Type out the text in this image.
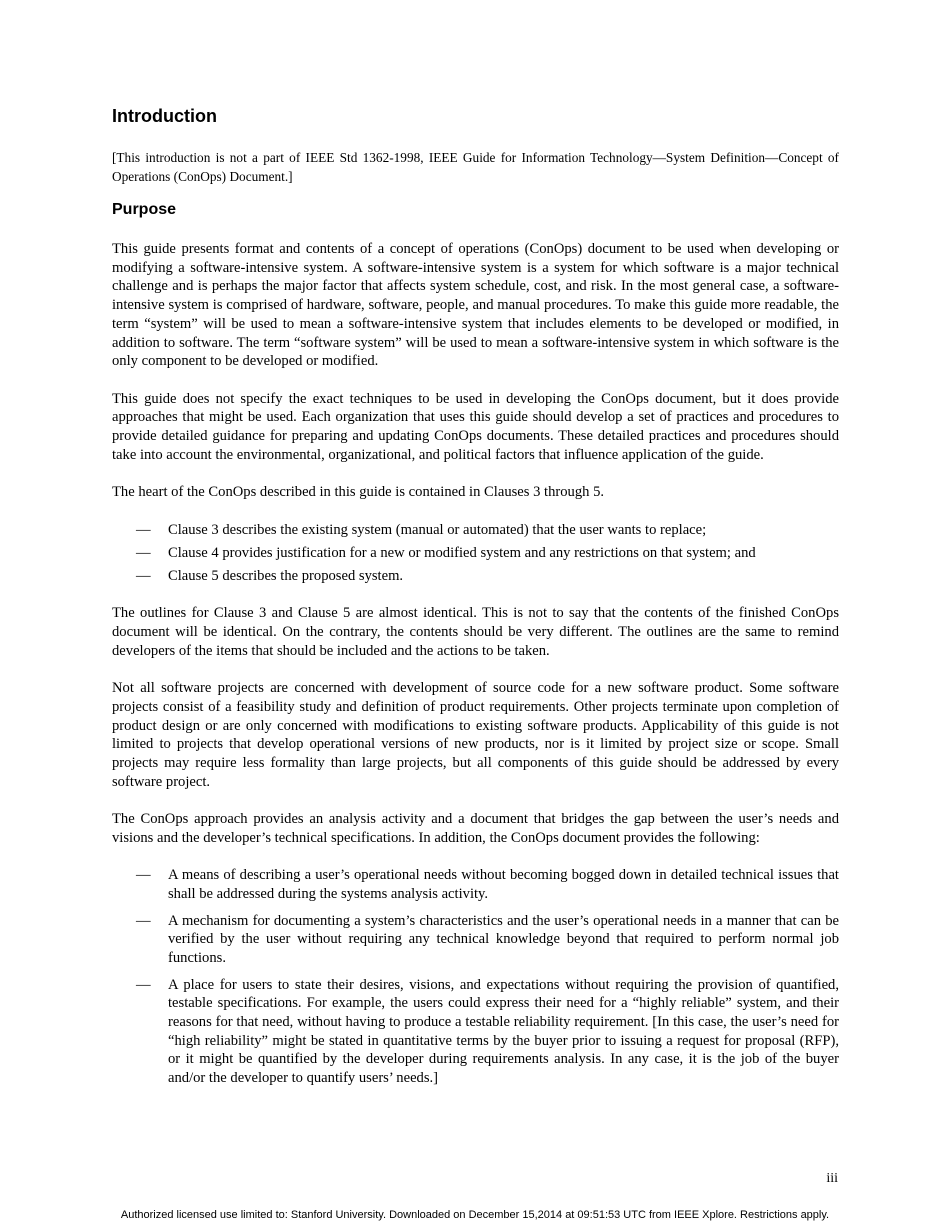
Introduction

[This introduction is not a part of IEEE Std 1362-1998, IEEE Guide for Information Technology—System Definition—Concept of Operations (ConOps) Document.]

Purpose

This guide presents format and contents of a concept of operations (ConOps) document to be used when developing or modifying a software-intensive system. A software-intensive system is a system for which software is a major technical challenge and is perhaps the major factor that affects system schedule, cost, and risk. In the most general case, a software-intensive system is comprised of hardware, software, people, and manual procedures. To make this guide more readable, the term “system” will be used to mean a software-intensive system that includes elements to be developed or modified, in addition to software. The term “software system” will be used to mean a software-intensive system in which software is the only component to be developed or modified.

This guide does not specify the exact techniques to be used in developing the ConOps document, but it does provide approaches that might be used. Each organization that uses this guide should develop a set of practices and procedures to provide detailed guidance for preparing and updating ConOps documents. These detailed practices and procedures should take into account the environmental, organizational, and political factors that influence application of the guide.

The heart of the ConOps described in this guide is contained in Clauses 3 through 5.

— Clause 3 describes the existing system (manual or automated) that the user wants to replace;
— Clause 4 provides justification for a new or modified system and any restrictions on that system; and
— Clause 5 describes the proposed system.

The outlines for Clause 3 and Clause 5 are almost identical. This is not to say that the contents of the finished ConOps document will be identical. On the contrary, the contents should be very different. The outlines are the same to remind developers of the items that should be included and the actions to be taken.

Not all software projects are concerned with development of source code for a new software product. Some software projects consist of a feasibility study and definition of product requirements. Other projects terminate upon completion of product design or are only concerned with modifications to existing software products. Applicability of this guide is not limited to projects that develop operational versions of new products, nor is it limited by project size or scope. Small projects may require less formality than large projects, but all components of this guide should be addressed by every software project.

The ConOps approach provides an analysis activity and a document that bridges the gap between the user’s needs and visions and the developer’s technical specifications. In addition, the ConOps document provides the following:

— A means of describing a user’s operational needs without becoming bogged down in detailed technical issues that shall be addressed during the systems analysis activity.
— A mechanism for documenting a system’s characteristics and the user’s operational needs in a manner that can be verified by the user without requiring any technical knowledge beyond that required to perform normal job functions.
— A place for users to state their desires, visions, and expectations without requiring the provision of quantified, testable specifications. For example, the users could express their need for a “highly reliable” system, and their reasons for that need, without having to produce a testable reliability requirement. [In this case, the user’s need for “high reliability” might be stated in quantitative terms by the buyer prior to issuing a request for proposal (RFP), or it might be quantified by the developer during requirements analysis. In any case, it is the job of the buyer and/or the developer to quantify users’ needs.]
iii
Authorized licensed use limited to: Stanford University. Downloaded on December 15,2014 at 09:51:53 UTC from IEEE Xplore. Restrictions apply.
